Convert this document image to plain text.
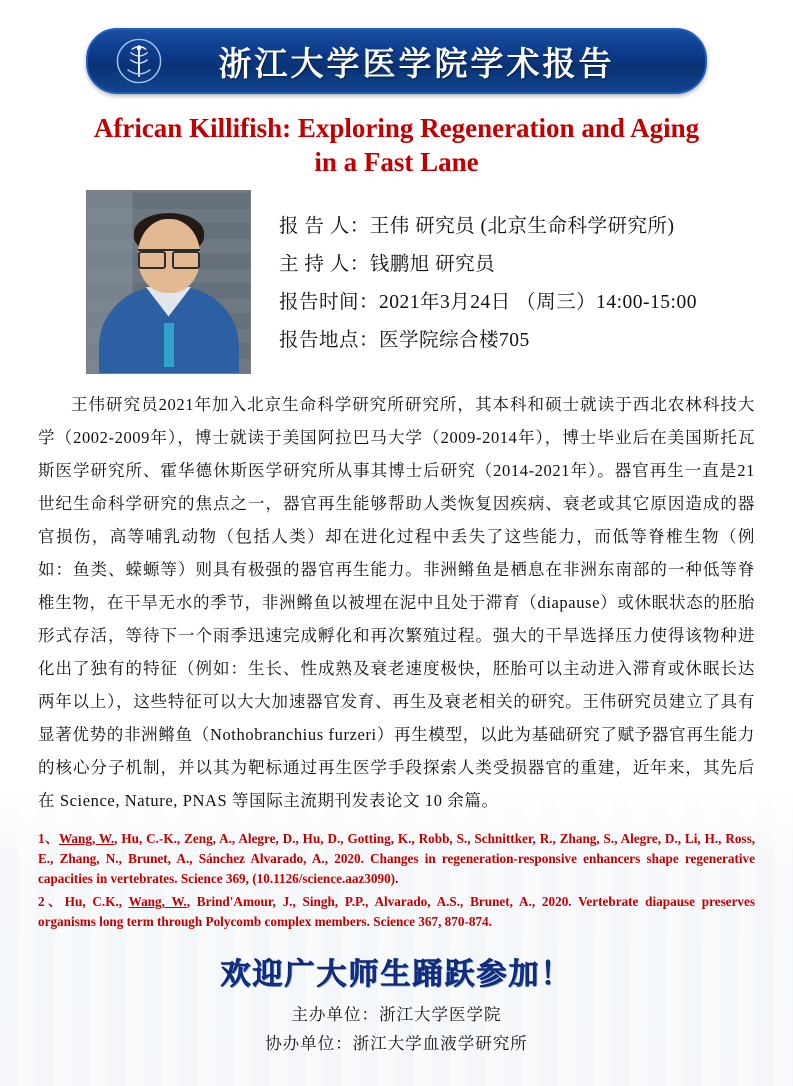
浙江大学医学院学术报告
African Killifish: Exploring Regeneration and Aging
in a Fast Lane
报 告 人：王伟 研究员 (北京生命科学研究所)
主 持 人：钱鹏旭 研究员
报告时间：2021年3月24日 （周三）14:00-15:00
报告地点：医学院综合楼705
王伟研究员2021年加入北京生命科学研究所研究所，其本科和硕士就读于西北农林科技大学（2002-2009年），博士就读于美国阿拉巴马大学（2009-2014年），博士毕业后在美国斯托瓦斯医学研究所、霍华德休斯医学研究所从事其博士后研究（2014-2021年）。器官再生一直是21世纪生命科学研究的焦点之一，器官再生能够帮助人类恢复因疾病、衰老或其它原因造成的器官损伤，高等哺乳动物（包括人类）却在进化过程中丢失了这些能力，而低等脊椎生物（例如：鱼类、蝾螈等）则具有极强的器官再生能力。非洲鳉鱼是栖息在非洲东南部的一种低等脊椎生物，在干旱无水的季节，非洲鳉鱼以被埋在泥中且处于滞育（diapause）或休眠状态的胚胎形式存活，等待下一个雨季迅速完成孵化和再次繁殖过程。强大的干旱选择压力使得该物种进化出了独有的特征（例如：生长、性成熟及衰老速度极快，胚胎可以主动进入滞育或休眠长达两年以上），这些特征可以大大加速器官发育、再生及衰老相关的研究。王伟研究员建立了具有显著优势的非洲鳉鱼（Nothobranchius furzeri）再生模型，以此为基础研究了赋予器官再生能力的核心分子机制，并以其为靶标通过再生医学手段探索人类受损器官的重建，近年来，其先后在 Science, Nature, PNAS 等国际主流期刊发表论文 10 余篇。

1、Wang, W., Hu, C.-K., Zeng, A., Alegre, D., Hu, D., Gotting, K., Robb, S., Schnittker, R., Zhang, S., Alegre, D., Li, H., Ross, E., Zhang, N., Brunet, A., Sánchez Alvarado, A., 2020. Changes in regeneration-responsive enhancers shape regenerative capacities in vertebrates. Science 369, (10.1126/science.aaz3090).

2、Hu, C.K., Wang, W., Brind'Amour, J., Singh, P.P., Alvarado, A.S., Brunet, A., 2020. Vertebrate diapause preserves organisms long term through Polycomb complex members. Science 367, 870-874.

欢迎广大师生踊跃参加！
主办单位：浙江大学医学院
协办单位：浙江大学血液学研究所
